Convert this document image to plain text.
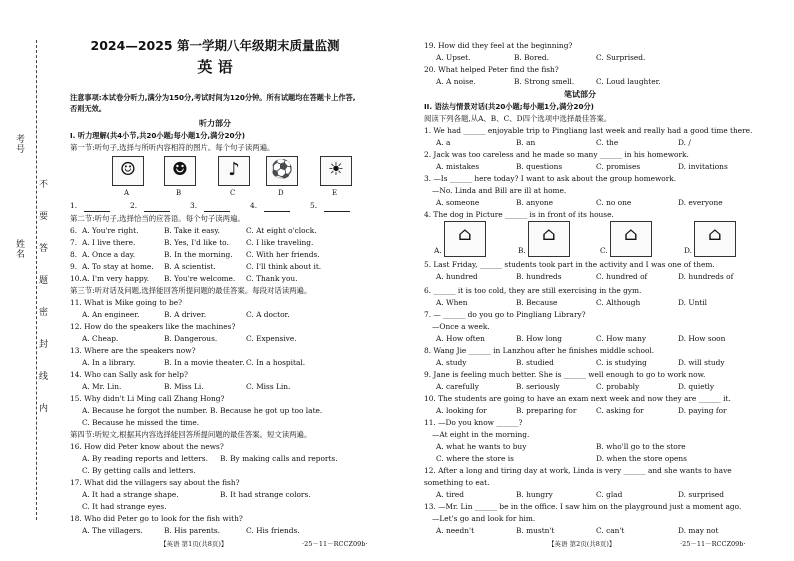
考号
姓名
不
要
答
题
密
封
线
内
2024—2025 第一学期八年级期末质量监测
英 语
注意事项:本试卷分听力,满分为150分,考试时间为120分钟。所有试题均在答题卡上作答,否则无效。
听力部分
I. 听力理解(共4小节,共20小题;每小题1分,满分20分)
第一节:听句子,选择与所听内容相符的图片。每个句子读两遍。
☺	☻	♪	⚽	☀
A	B	C	D	E
1.	2.	3.	4.	5.
第二节:听句子,选择恰当的应答语。每个句子读两遍。
6. A. You're right.	B. Take it easy.	C. At eight o'clock.
7. A. I live there.	B. Yes, I'd like to. C. I like traveling.
8. A. Once a day.	B. In the morning. C. With her friends.
9. A. To stay at home. B. A scientist.	C. I'll think about it.
10. A. I'm very happy. B. You're welcome. C. Thank you.
第三节:听对话及问题,选择能回答所提问题的最佳答案。每段对话读两遍。
11. What is Mike going to be?
A. An engineer.	B. A driver.	C. A doctor.
12. How do the speakers like the machines?
A. Cheap.	B. Dangerous.	C. Expensive.
13. Where are the speakers now?
A. In a library.	B. In a movie theater. C. In a hospital.
14. Who can Sally ask for help?
A. Mr. Lin.	B. Miss Li.	C. Miss Lin.
15. Why didn't Li Ming call Zhang Hong?
A. Because he forgot the number. B. Because he got up too late.
C. Because he missed the time.
第四节:听短文,根据其内容选择能回答所提问题的最佳答案。短文读两遍。
16. How did Peter know about the news?
A. By reading reports and letters. B. By making calls and reports.
C. By getting calls and letters.
17. What did the villagers say about the fish?
A. It had a strange shape.	B. It had strange colors.
C. It had strange eyes.
18. Who did Peter go to look for the fish with?
A. The villagers.	B. His parents.	C. His friends.
【英语 第1页(共8页)】	·25－11－RCCZ09b·
19. How did they feel at the beginning?
A. Upset.	B. Bored.	C. Surprised.
20. What helped Peter find the fish?
A. A noise.	B. Strong smell.	C. Loud laughter.
笔试部分
II. 语法与情景对话(共20小题;每小题1分,满分20分)
阅读下列各题,从A、B、C、D四个选项中选择最佳答案。
1. We had ______ enjoyable trip to Pingliang last week and really had a good time there.
A. a	B. an	C. the	D. /
2. Jack was too careless and he made so many ______ in his homework.
A. mistakes	B. questions	C. promises	D. invitations
3. —Is ______ here today? I want to ask about the group homework.
—No. Linda and Bill are ill at home.
A. someone	B. anyone	C. no one	D. everyone
4. The dog in Picture ______ is in front of its house.
⌂	⌂	⌂	⌂
A.	B.	C.	D.
5. Last Friday, ______ students took part in the activity and I was one of them.
A. hundred	B. hundreds	C. hundred of	D. hundreds of
6. ______ it is too cold, they are still exercising in the gym.
A. When	B. Because	C. Although	D. Until
7. — ______ do you go to Pingliang Library?
—Once a week.
A. How often	B. How long	C. How many	D. How soon
8. Wang Jie ______ in Lanzhou after he finishes middle school.
A. study	B. studied	C. is studying	D. will study
9. Jane is feeling much better. She is ______ well enough to go to work now.
A. carefully	B. seriously	C. probably	D. quietly
10. The students are going to have an exam next week and now they are ______ it.
A. looking for	B. preparing for	C. asking for	D. paying for
11. —Do you know ______?
—At eight in the morning.
A. what he wants to buy	B. who'll go to the store
C. where the store is	D. when the store opens
12. After a long and tiring day at work, Linda is very ______ and she wants to have something to eat.
A. tired	B. hungry	C. glad	D. surprised
13. —Mr. Lin ______ be in the office. I saw him on the playground just a moment ago.
—Let's go and look for him.
A. needn't	B. mustn't	C. can't	D. may not
【英语 第2页(共8页)】	·25－11－RCCZ09b·
